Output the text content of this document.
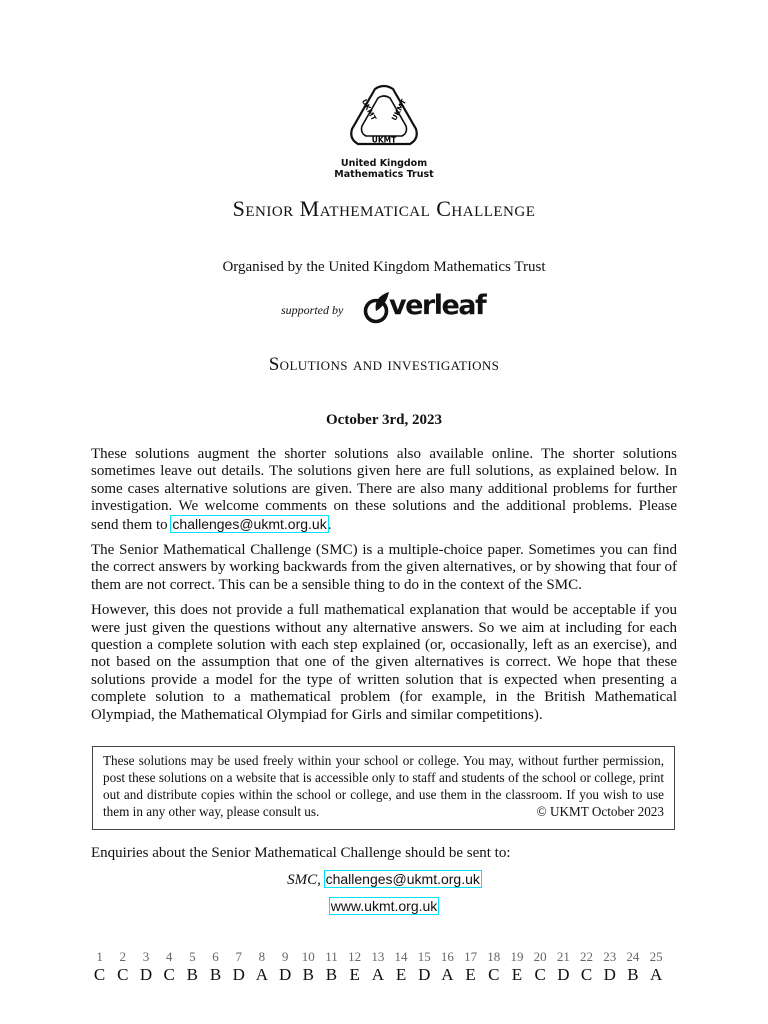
UKMT UKMT
UKMT
United Kingdom
Mathematics Trust
Senior Mathematical Challenge
Organised by the United Kingdom Mathematics Trust
supported by verleaf
Solutions and investigations
October 3rd, 2023

These solutions augment the shorter solutions also available online. The shorter solutions sometimes leave out details. The solutions given here are full solutions, as explained below. In some cases alternative solutions are given. There are also many additional problems for further investigation. We welcome comments on these solutions and the additional problems. Please send them to challenges@ukmt.org.uk.

The Senior Mathematical Challenge (SMC) is a multiple-choice paper. Sometimes you can find the correct answers by working backwards from the given alternatives, or by showing that four of them are not correct. This can be a sensible thing to do in the context of the SMC.

However, this does not provide a full mathematical explanation that would be acceptable if you were just given the questions without any alternative answers. So we aim at including for each question a complete solution with each step explained (or, occasionally, left as an exercise), and not based on the assumption that one of the given alternatives is correct. We hope that these solutions provide a model for the type of written solution that is expected when presenting a complete solution to a mathematical problem (for example, in the British Mathematical Olympiad, the Mathematical Olympiad for Girls and similar competitions).

These solutions may be used freely within your school or college. You may, without further permission, post these solutions on a website that is accessible only to staff and students of the school or college, print out and distribute copies within the school or college, and use them in the classroom. If you wish to use them in any other way, please consult us.	© UKMT October 2023
Enquiries about the Senior Mathematical Challenge should be sent to:
SMC, challenges@ukmt.org.uk
www.ukmt.org.uk
1
C
2
C
3
D
4
C
5
B
6
B
7
D
8
A
9
D
10
B
11
B
12
E
13
A
14
E
15
D
16
A
17
E
18
C
19
E
20
C
21
D
22
C
23
D
24
B
25
A
